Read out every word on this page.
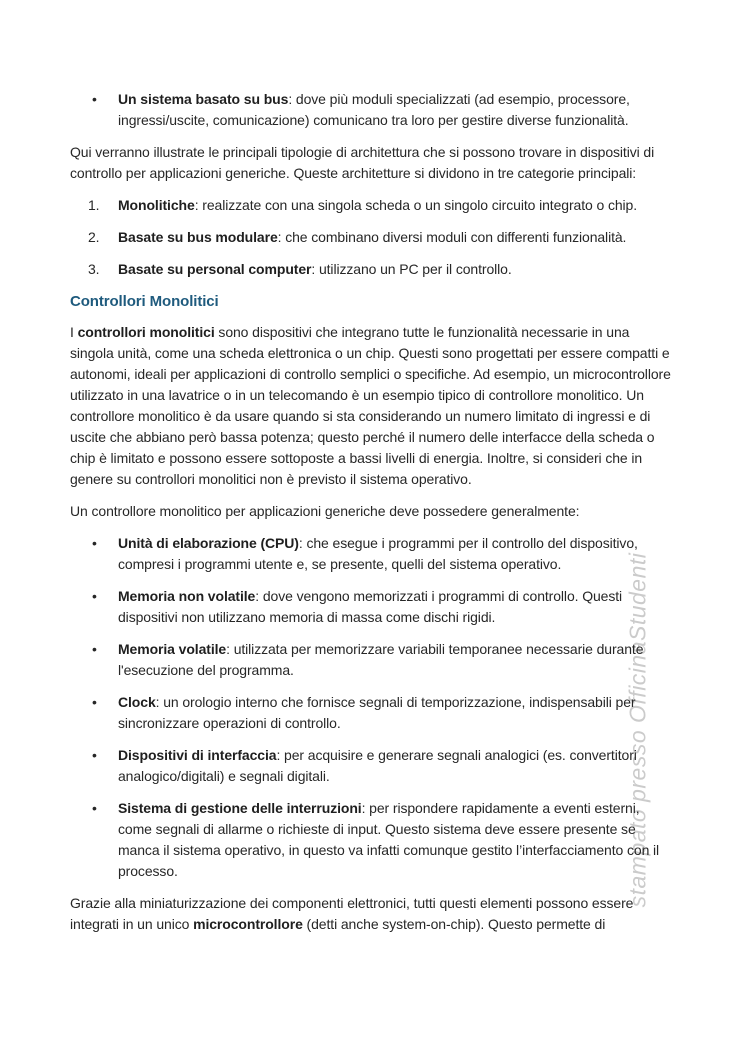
stampato presso OfficinaStudenti
•
Un sistema basato su bus: dove più moduli specializzati (ad esempio, processore, ingressi/uscite, comunicazione) comunicano tra loro per gestire diverse funzionalità.

Qui verranno illustrate le principali tipologie di architettura che si possono trovare in dispositivi di controllo per applicazioni generiche. Queste architetture si dividono in tre categorie principali:

1.	Monolitiche: realizzate con una singola scheda o un singolo circuito integrato o chip.
2.	Basate su bus modulare: che combinano diversi moduli con differenti funzionalità.
3.	Basate su personal computer: utilizzano un PC per il controllo.
Controllori Monolitici

I controllori monolitici sono dispositivi che integrano tutte le funzionalità necessarie in una singola unità, come una scheda elettronica o un chip. Questi sono progettati per essere compatti e autonomi, ideali per applicazioni di controllo semplici o specifiche. Ad esempio, un microcontrollore utilizzato in una lavatrice o in un telecomando è un esempio tipico di controllore monolitico. Un controllore monolitico è da usare quando si sta considerando un numero limitato di ingressi e di uscite che abbiano però bassa potenza; questo perché il numero delle interfacce della scheda o chip è limitato e possono essere sottoposte a bassi livelli di energia. Inoltre, si consideri che in genere su controllori monolitici non è previsto il sistema operativo.

Un controllore monolitico per applicazioni generiche deve possedere generalmente:

•
Unità di elaborazione (CPU): che esegue i programmi per il controllo del dispositivo, compresi i programmi utente e, se presente, quelli del sistema operativo.
•
Memoria non volatile: dove vengono memorizzati i programmi di controllo. Questi dispositivi non utilizzano memoria di massa come dischi rigidi.
•
Memoria volatile: utilizzata per memorizzare variabili temporanee necessarie durante l'esecuzione del programma.
•
Clock: un orologio interno che fornisce segnali di temporizzazione, indispensabili per sincronizzare operazioni di controllo.
•
Dispositivi di interfaccia: per acquisire e generare segnali analogici (es. convertitori analogico/digitali) e segnali digitali.
•
Sistema di gestione delle interruzioni: per rispondere rapidamente a eventi esterni, come segnali di allarme o richieste di input. Questo sistema deve essere presente se manca il sistema operativo, in questo va infatti comunque gestito l’interfacciamento con il processo.

Grazie alla miniaturizzazione dei componenti elettronici, tutti questi elementi possono essere integrati in un unico microcontrollore (detti anche system-on-chip). Questo permette di
